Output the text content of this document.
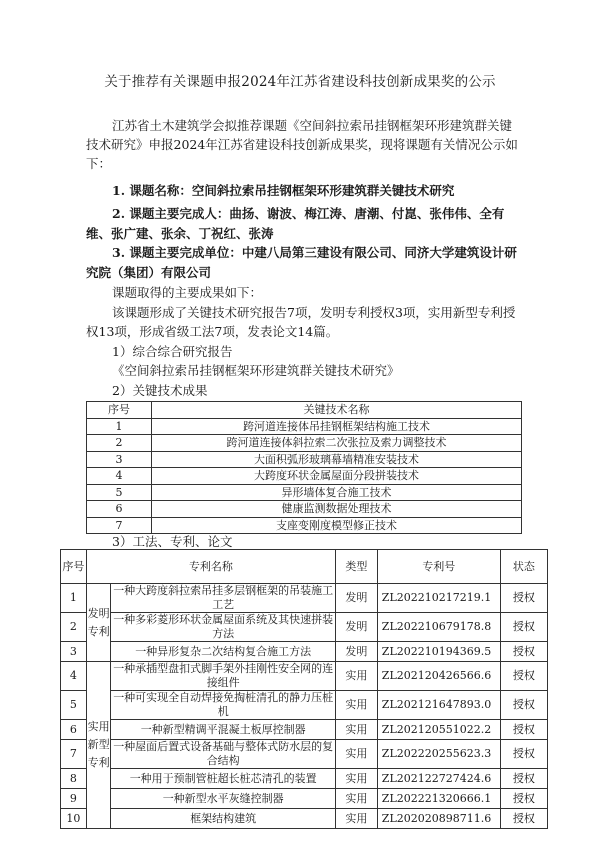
关于推荐有关课题申报2024年江苏省建设科技创新成果奖的公示
江苏省土木建筑学会拟推荐课题《空间斜拉索吊挂钢框架环形建筑群关键技术研究》申报2024年江苏省建设科技创新成果奖，现将课题有关情况公示如下：
1. 课题名称：空间斜拉索吊挂钢框架环形建筑群关键技术研究
2. 课题主要完成人：曲扬、谢波、梅江涛、唐潮、付崑、张伟伟、全有维、张广建、张余、丁祝红、张涛
3. 课题主要完成单位：中建八局第三建设有限公司、同济大学建筑设计研究院（集团）有限公司
课题取得的主要成果如下：
该课题形成了关键技术研究报告7项，发明专利授权3项，实用新型专利授权13项，形成省级工法7项，发表论文14篇。
1）综合综合研究报告
《空间斜拉索吊挂钢框架环形建筑群关键技术研究》
2）关键技术成果
序号	关键技术名称
1	跨河道连接体吊挂钢框架结构施工技术
2	跨河道连接体斜拉索二次张拉及索力调整技术
3	大面积弧形玻璃幕墙精准安装技术
4	大跨度环状金属屋面分段拼装技术
5	异形墙体复合施工技术
6	健康监测数据处理技术
7	支座变刚度模型修正技术
3）工法、专利、论文
序号	专利名称		类型	专利号	状态
1	发明专利	一种大跨度斜拉索吊挂多层钢框架的吊装施工工艺	发明	ZL202210217219.1	授权
2		一种多彩菱形环状金属屋面系统及其快速拼装方法	发明	ZL202210679178.8	授权
3		一种异形复杂二次结构复合施工方法	发明	ZL202210194369.5	授权
4	实用新型专利	一种承插型盘扣式脚手架外挂刚性安全网的连接组件	实用	ZL202120426566.6	授权
5		一种可实现全自动焊接免掏桩清孔的静力压桩机	实用	ZL202121647893.0	授权
6		一种新型精调平混凝土板厚控制器	实用	ZL202120551022.2	授权
7		一种屋面后置式设备基础与整体式防水层的复合结构	实用	ZL202220255623.3	授权
8		一种用于预制管桩超长桩芯清孔的装置	实用	ZL202122727424.6	授权
9		一种新型水平灰缝控制器	实用	ZL202221320666.1	授权
10		框架结构建筑	实用	ZL202020898711.6	授权
